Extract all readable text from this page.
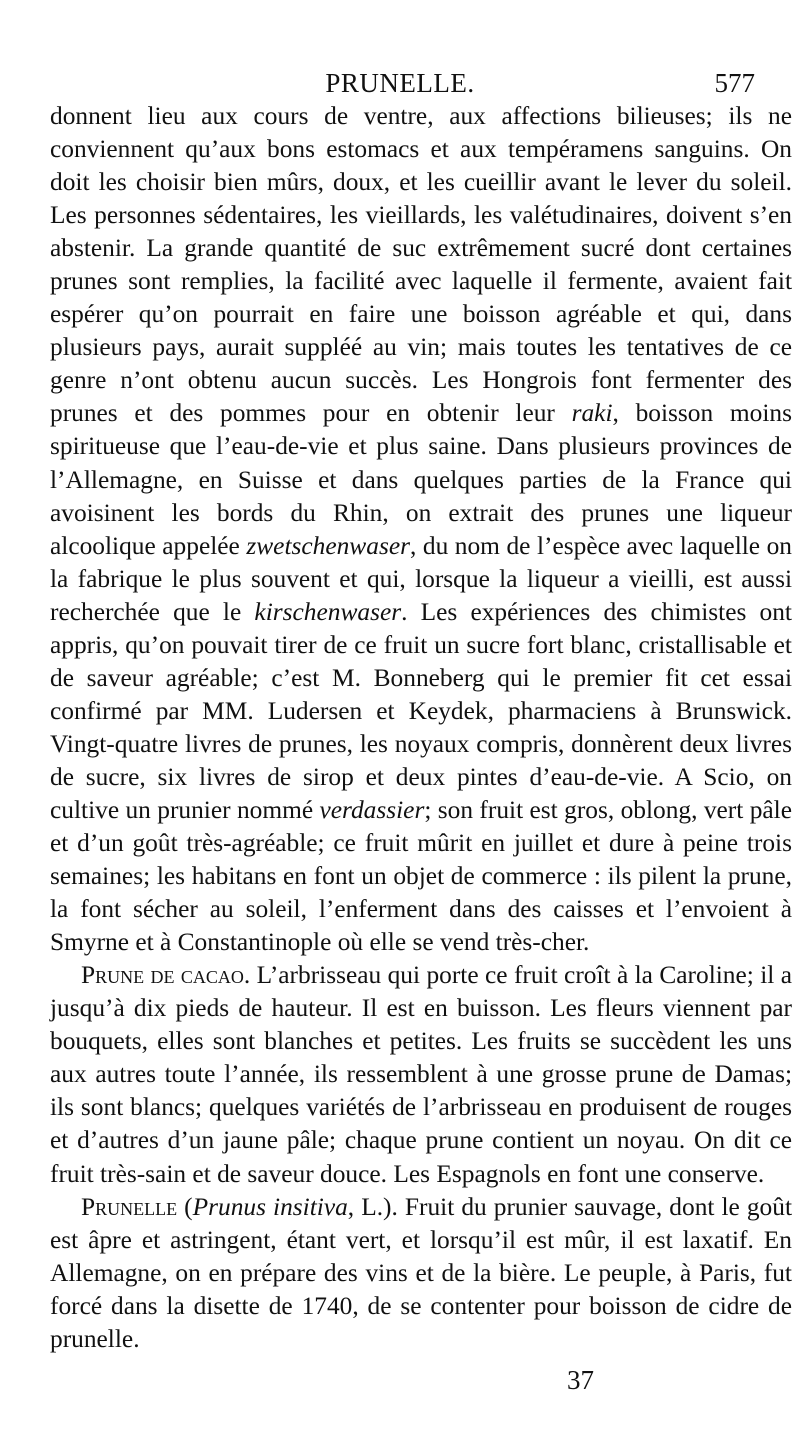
PRUNELLE.	577

donnent lieu aux cours de ventre, aux affections bilieuses; ils ne conviennent qu’aux bons estomacs et aux tempéramens sanguins. On doit les choisir bien mûrs, doux, et les cueillir avant le lever du soleil. Les personnes sédentaires, les vieillards, les valétudinaires, doivent s’en abstenir. La grande quantité de suc extrêmement sucré dont certaines prunes sont remplies, la facilité avec laquelle il fermente, avaient fait espérer qu’on pourrait en faire une boisson agréable et qui, dans plusieurs pays, aurait suppléé au vin; mais toutes les tentatives de ce genre n’ont obtenu aucun succès. Les Hongrois font fermenter des prunes et des pommes pour en obtenir leur raki, boisson moins spiritueuse que l’eau-de-vie et plus saine. Dans plusieurs provinces de l’Allemagne, en Suisse et dans quelques parties de la France qui avoisinent les bords du Rhin, on extrait des prunes une liqueur alcoolique appelée zwetschenwaser, du nom de l’espèce avec laquelle on la fabrique le plus souvent et qui, lorsque la liqueur a vieilli, est aussi recherchée que le kirschenwaser. Les expériences des chimistes ont appris, qu’on pouvait tirer de ce fruit un sucre fort blanc, cristallisable et de saveur agréable; c’est M. Bonneberg qui le premier fit cet essai confirmé par MM. Ludersen et Keydek, pharmaciens à Brunswick. Vingt-quatre livres de prunes, les noyaux compris, donnèrent deux livres de sucre, six livres de sirop et deux pintes d’eau-de-vie. A Scio, on cultive un prunier nommé verdassier; son fruit est gros, oblong, vert pâle et d’un goût très-agréable; ce fruit mûrit en juillet et dure à peine trois semaines; les habitans en font un objet de commerce : ils pilent la prune, la font sécher au soleil, l’enferment dans des caisses et l’envoient à Smyrne et à Constantinople où elle se vend très-cher.

Prune de cacao. L’arbrisseau qui porte ce fruit croît à la Caroline; il a jusqu’à dix pieds de hauteur. Il est en buisson. Les fleurs viennent par bouquets, elles sont blanches et petites. Les fruits se succèdent les uns aux autres toute l’année, ils ressemblent à une grosse prune de Damas; ils sont blancs; quelques variétés de l’arbrisseau en produisent de rouges et d’autres d’un jaune pâle; chaque prune contient un noyau. On dit ce fruit très-sain et de saveur douce. Les Espagnols en font une conserve.

Prunelle (Prunus insitiva, L.). Fruit du prunier sauvage, dont le goût est âpre et astringent, étant vert, et lorsqu’il est mûr, il est laxatif. En Allemagne, on en prépare des vins et de la bière. Le peuple, à Paris, fut forcé dans la disette de 1740, de se contenter pour boisson de cidre de prunelle.

37
